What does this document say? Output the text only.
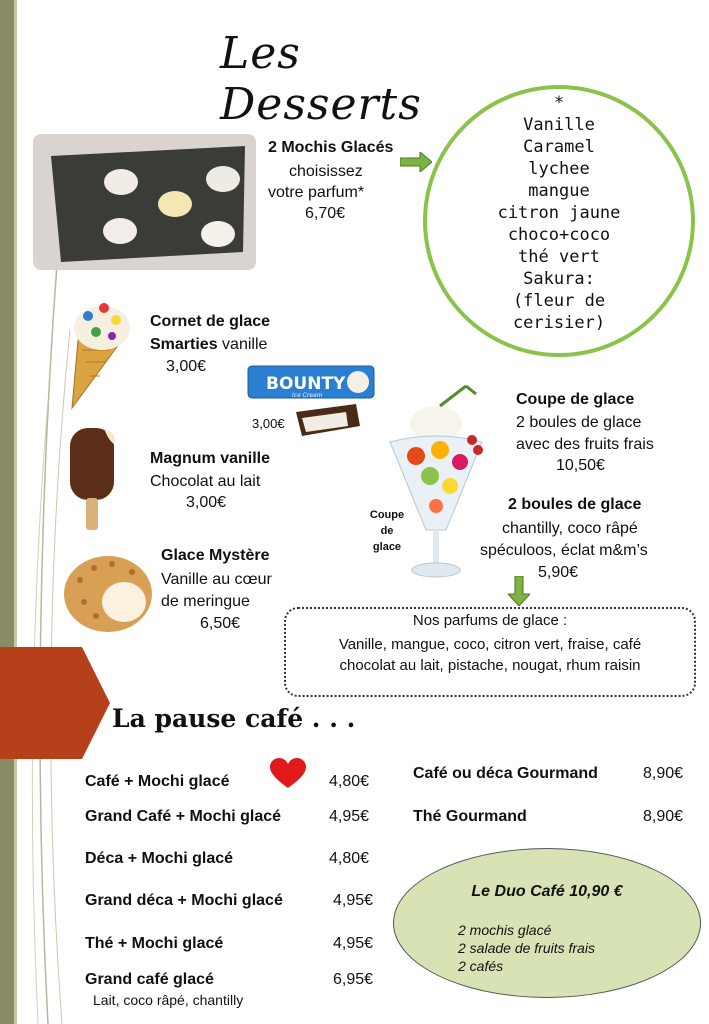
Les Desserts
2 Mochis Glacés
choisissez
votre parfum*
6,70€
*
Vanille
Caramel
lychee
mangue
citron jaune
choco+coco
thé vert
Sakura:
(fleur de
cerisier)
Cornet de glace
Smarties vanille
3,00€
BOUNTY
Ice Cream
3,00€
Coupe
de
glace
Coupe de glace
2 boules de glace
avec des fruits frais
10,50€
Magnum vanille
Chocolat au lait
3,00€	2 boules de glace
chantilly, coco râpé
spéculoos, éclat m&m’s
5,90€
Glace Mystère
Vanille au cœur
de meringue
6,50€	Nos parfums de glace :
Vanille, mangue, coco, citron vert, fraise, café
chocolat au lait, pistache, nougat, rhum raisin
La pause café . . .
Café + Mochi glacé	4,80€
Grand Café + Mochi glacé	4,95€
Déca + Mochi glacé	4,80€
Grand déca + Mochi glacé	4,95€
Thé + Mochi glacé	4,95€
Grand café glacé	6,95€
Lait, coco râpé, chantilly
Café ou déca Gourmand	8,90€
Thé Gourmand	8,90€
Le Duo Café 10,90 €
2 mochis glacé
2 salade de fruits frais
2 cafés
